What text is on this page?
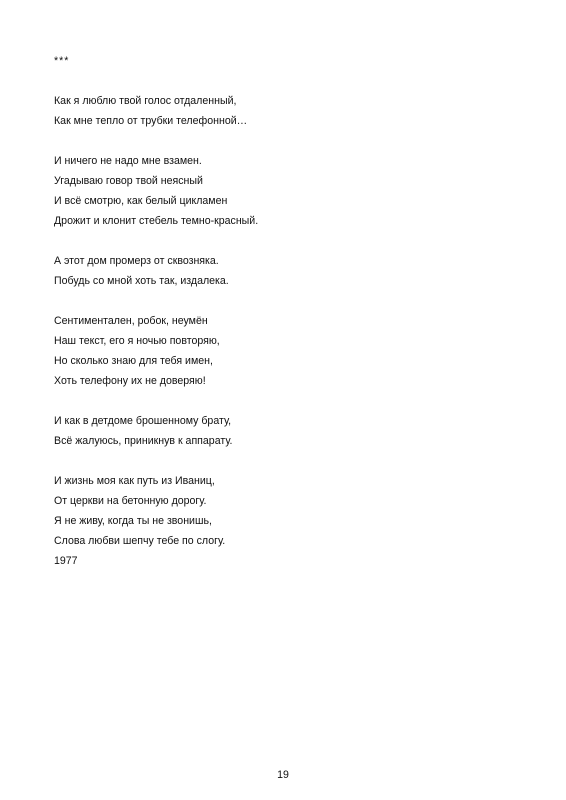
***
Как я люблю твой голос отдаленный,
Как мне тепло от трубки телефонной…
И ничего не надо мне взамен.
Угадываю говор твой неясный
И всё смотрю, как белый цикламен
Дрожит и клонит стебель темно-красный.
А этот дом промерз от сквозняка.
Побудь со мной хоть так, издалека.
Сентиментален, робок, неумён
Наш текст, его я ночью повторяю,
Но сколько знаю для тебя имен,
Хоть телефону их не доверяю!
И как в детдоме брошенному брату,
Всё жалуюсь, приникнув к аппарату.
И жизнь моя как путь из Иваниц,
От церкви на бетонную дорогу.
Я не живу, когда ты не звонишь,
Слова любви шепчу тебе по слогу.
1977
19
